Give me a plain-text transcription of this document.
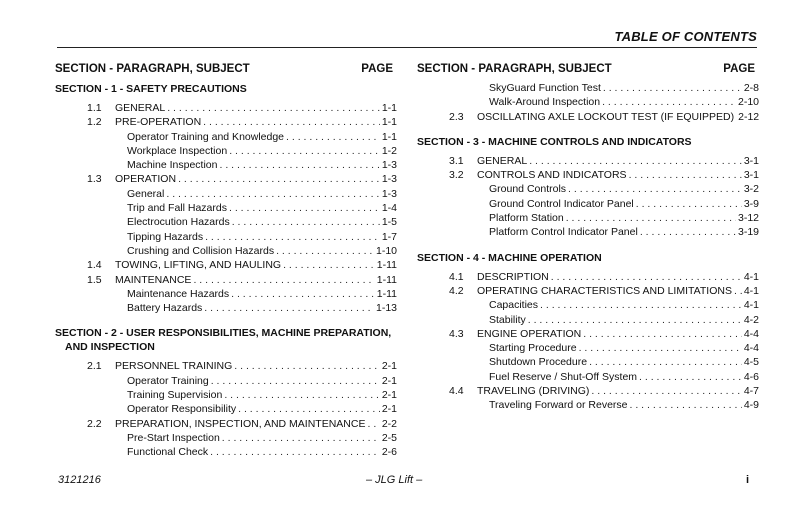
TABLE OF CONTENTS
SECTION - PARAGRAPH, SUBJECT	PAGE
SECTION - 1 - SAFETY PRECAUTIONS
1.1	GENERAL . . .	1-1
1.2	PRE-OPERATION . . .	1-1
Operator Training and Knowledge . . .	1-1
Workplace Inspection . . .	1-2
Machine Inspection . . .	1-3
1.3	OPERATION . . .	1-3
General . . .	1-3
Trip and Fall Hazards . . .	1-4
Electrocution Hazards . . .	1-5
Tipping Hazards . . .	1-7
Crushing and Collision Hazards . . .	1-10
1.4	TOWING, LIFTING, AND HAULING . . .	1-11
1.5	MAINTENANCE . . .	1-11
Maintenance Hazards . . .	1-11
Battery Hazards . . .	1-13
SECTION - 2 - USER RESPONSIBILITIES, MACHINE PREPARATION,
AND INSPECTION
2.1	PERSONNEL TRAINING . . .	2-1
Operator Training . . .	2-1
Training Supervision . . .	2-1
Operator Responsibility . . .	2-1
2.2	PREPARATION, INSPECTION, AND MAINTENANCE . . . 2-2
Pre-Start Inspection . . .	2-5
Functional Check . . .	2-6
SECTION - PARAGRAPH, SUBJECT	PAGE
SkyGuard Function Test . . .	2-8
Walk-Around Inspection . . .	2-10
2.3	OSCILLATING AXLE LOCKOUT TEST (IF EQUIPPED) 2-12
SECTION - 3 - MACHINE CONTROLS AND INDICATORS
3.1	GENERAL . . .	3-1
3.2	CONTROLS AND INDICATORS . . .	3-1
Ground Controls . . .	3-2
Ground Control Indicator Panel . . .	3-9
Platform Station . . .	3-12
Platform Control Indicator Panel . . .	3-19
SECTION - 4 - MACHINE OPERATION
4.1	DESCRIPTION . . .	4-1
4.2	OPERATING CHARACTERISTICS AND LIMITATIONS . . . 4-1
Capacities . . .	4-1
Stability . . .	4-2
4.3	ENGINE OPERATION . . .	4-4
Starting Procedure . . .	4-4
Shutdown Procedure . . .	4-5
Fuel Reserve / Shut-Off System . . .	4-6
4.4	TRAVELING (DRIVING) . . .	4-7
Traveling Forward or Reverse . . .	4-9
3121216	– JLG Lift –	i
